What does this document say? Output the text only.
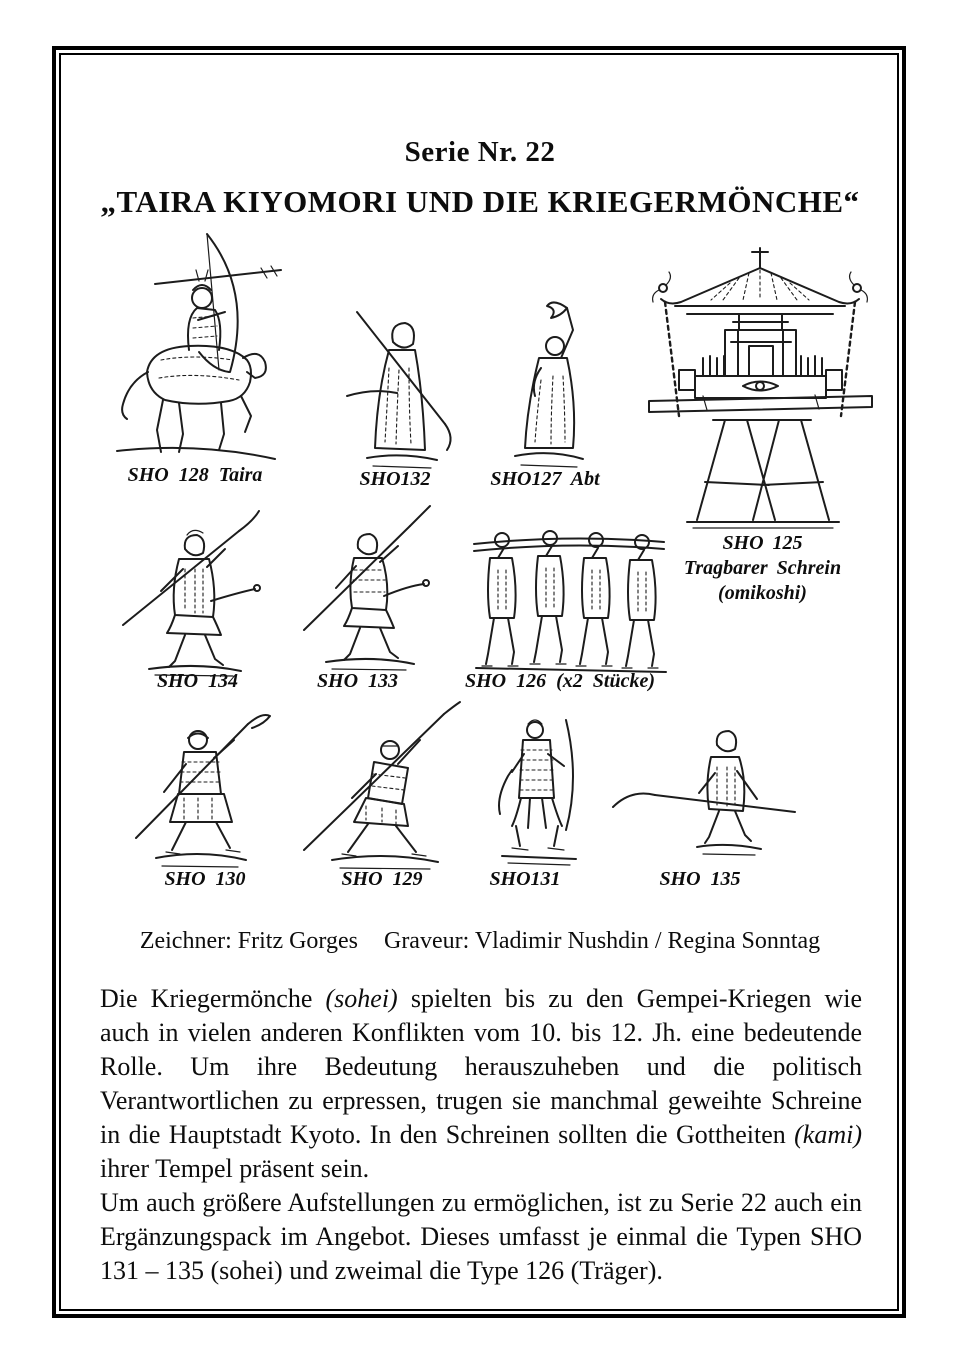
Serie Nr. 22
„TAIRA KIYOMORI UND DIE KRIEGERMÖNCHE“
SHO 128 Taira	SHO132	SHO127 Abt
SHO 125
Tragbarer Schrein
(omikoshi)
SHO 134	SHO 133	SHO 126 (x2 Stücke)
SHO 130	SHO 129	SHO131	SHO 135
Zeichner: Fritz Gorges Graveur: Vladimir Nushdin / Regina Sonntag

Die Kriegermönche (sohei) spielten bis zu den Gempei-Kriegen wie auch in vielen anderen Konflikten vom 10. bis 12. Jh. eine bedeutende Rolle. Um ihre Bedeutung herauszuheben und die politisch Verantwortlichen zu erpressen, trugen sie manchmal geweihte Schreine in die Hauptstadt Kyoto. In den Schreinen sollten die Gottheiten (kami) ihrer Tempel präsent sein.

Um auch größere Aufstellungen zu ermöglichen, ist zu Serie 22 auch ein Ergänzungspack im Angebot. Dieses umfasst je einmal die Typen SHO 131 – 135 (sohei) und zweimal die Type 126 (Träger).
